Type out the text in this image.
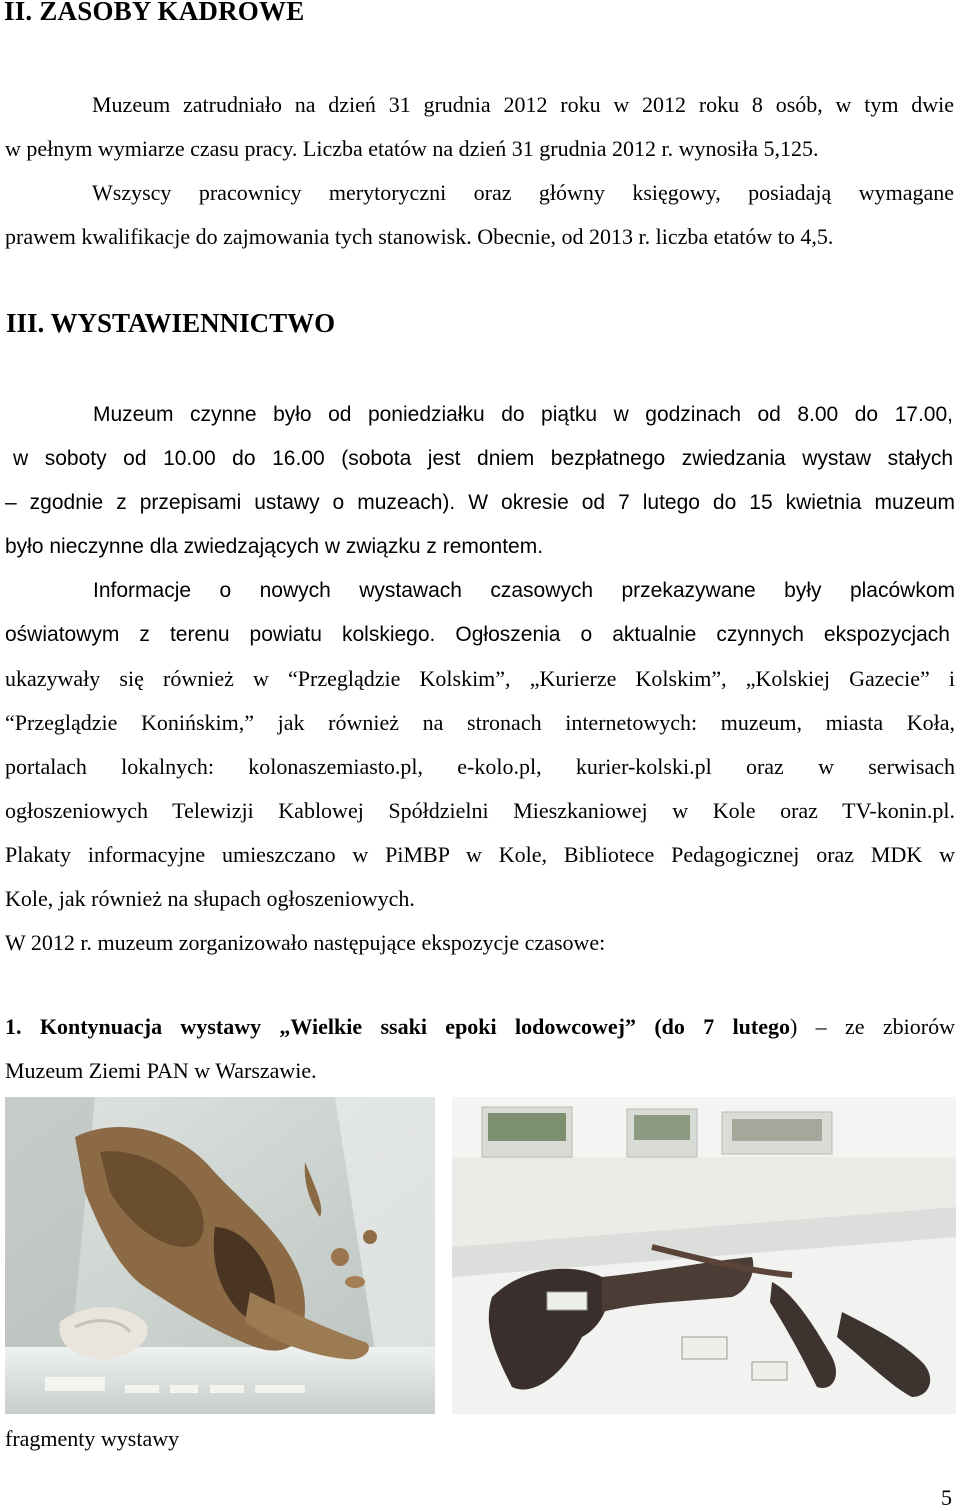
II. ZASOBY KADROWE
Muzeum zatrudniało na dzień 31 grudnia 2012 roku w 2012 roku 8 osób, w tym dwie
w pełnym wymiarze czasu pracy. Liczba etatów na dzień 31 grudnia 2012 r. wynosiła 5,125.
Wszyscy pracownicy merytoryczni oraz główny księgowy, posiadają wymagane
prawem kwalifikacje do zajmowania tych stanowisk. Obecnie, od 2013 r. liczba etatów to 4,5.
III. WYSTAWIENNICTWO
Muzeum czynne było od poniedziałku do piątku w godzinach od 8.00 do 17.00,
w soboty od 10.00 do 16.00 (sobota jest dniem bezpłatnego zwiedzania wystaw stałych
– zgodnie z przepisami ustawy o muzeach). W okresie od 7 lutego do 15 kwietnia muzeum
było nieczynne dla zwiedzających w związku z remontem.
Informacje o nowych wystawach czasowych przekazywane były placówkom
oświatowym z terenu powiatu kolskiego. Ogłoszenia o aktualnie czynnych ekspozycjach
ukazywały się również w “Przeglądzie Kolskim”, „Kurierze Kolskim”, „Kolskiej Gazecie” i
“Przeglądzie Konińskim,” jak również na stronach internetowych: muzeum, miasta Koła,
portalach lokalnych: kolonaszemiasto.pl, e-kolo.pl, kurier-kolski.pl oraz w serwisach
ogłoszeniowych Telewizji Kablowej Spółdzielni Mieszkaniowej w Kole oraz TV-konin.pl.
Plakaty informacyjne umieszczano w PiMBP w Kole, Bibliotece Pedagogicznej oraz MDK w
Kole, jak również na słupach ogłoszeniowych.
W 2012 r. muzeum zorganizowało następujące ekspozycje czasowe:
1. Kontynuacja wystawy „Wielkie ssaki epoki lodowcowej” (do 7 lutego) – ze zbiorów
Muzeum Ziemi PAN w Warszawie.
fragmenty wystawy
5
